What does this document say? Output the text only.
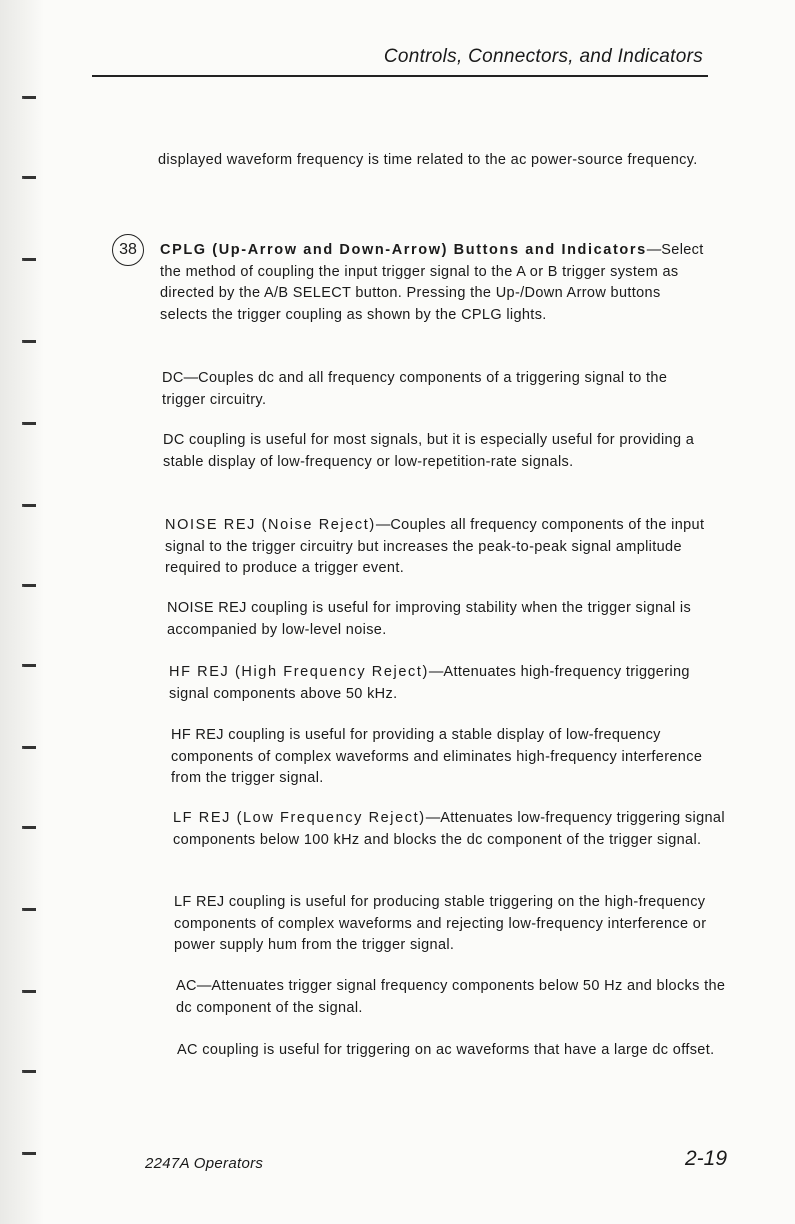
Controls, Connectors, and Indicators

displayed waveform frequency is time related to the ac power-source frequency.

38	CPLG (Up-Arrow and Down-Arrow) Buttons and Indicators—Select the method of coupling the input trigger signal to the A or B trigger system as directed by the A/B SELECT button. Pressing the Up-/Down Arrow buttons selects the trigger coupling as shown by the CPLG lights.

DC—Couples dc and all frequency components of a triggering signal to the trigger circuitry.

DC coupling is useful for most signals, but it is especially useful for providing a stable display of low-frequency or low-repetition-rate signals.

NOISE REJ (Noise Reject)—Couples all frequency components of the input signal to the trigger circuitry but increases the peak-to-peak signal amplitude required to produce a trigger event.

NOISE REJ coupling is useful for improving stability when the trigger signal is accompanied by low-level noise.

HF REJ (High Frequency Reject)—Attenuates high-frequency triggering signal components above 50 kHz.

HF REJ coupling is useful for providing a stable display of low-frequency components of complex waveforms and eliminates high-frequency interference from the trigger signal.

LF REJ (Low Frequency Reject)—Attenuates low-frequency triggering signal components below 100 kHz and blocks the dc component of the trigger signal.

LF REJ coupling is useful for producing stable triggering on the high-frequency components of complex waveforms and rejecting low-frequency interference or power supply hum from the trigger signal.

AC—Attenuates trigger signal frequency components below 50 Hz and blocks the dc component of the signal.

AC coupling is useful for triggering on ac waveforms that have a large dc offset.

2247A Operators	2-19
